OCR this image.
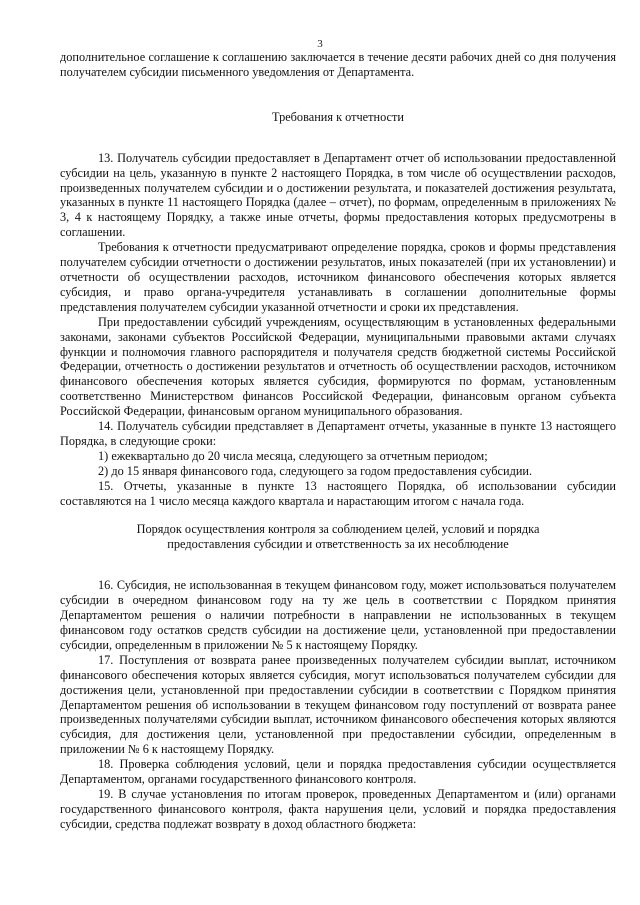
3

дополнительное соглашение к соглашению заключается в течение десяти рабочих дней со дня получения получателем субсидии письменного уведомления от Департамента.

Требования к отчетности

13. Получатель субсидии предоставляет в Департамент отчет об использовании предоставленной субсидии на цель, указанную в пункте 2 настоящего Порядка, в том числе об осуществлении расходов, произведенных получателем субсидии и о достижении результата, и показателей достижения результата, указанных в пункте 11 настоящего Порядка (далее – отчет), по формам, определенным в приложениях № 3, 4 к настоящему Порядку, а также иные отчеты, формы предоставления которых предусмотрены в соглашении.

Требования к отчетности предусматривают определение порядка, сроков и формы представления получателем субсидии отчетности о достижении результатов, иных показателей (при их установлении) и отчетности об осуществлении расходов, источником финансового обеспечения которых является субсидия, и право органа-учредителя устанавливать в соглашении дополнительные формы представления получателем субсидии указанной отчетности и сроки их представления.

При предоставлении субсидий учреждениям, осуществляющим в установленных федеральными законами, законами субъектов Российской Федерации, муниципальными правовыми актами случаях функции и полномочия главного распорядителя и получателя средств бюджетной системы Российской Федерации, отчетность о достижении результатов и отчетность об осуществлении расходов, источником финансового обеспечения которых является субсидия, формируются по формам, установленным соответственно Министерством финансов Российской Федерации, финансовым органом субъекта Российской Федерации, финансовым органом муниципального образования.

14. Получатель субсидии представляет в Департамент отчеты, указанные в пункте 13 настоящего Порядка, в следующие сроки:

1) ежеквартально до 20 числа месяца, следующего за отчетным периодом;

2) до 15 января финансового года, следующего за годом предоставления субсидии.

15. Отчеты, указанные в пункте 13 настоящего Порядка, об использовании субсидии составляются на 1 число месяца каждого квартала и нарастающим итогом с начала года.

Порядок осуществления контроля за соблюдением целей, условий и порядка

предоставления субсидии и ответственность за их несоблюдение

16. Субсидия, не использованная в текущем финансовом году, может использоваться получателем субсидии в очередном финансовом году на ту же цель в соответствии с Порядком принятия Департаментом решения о наличии потребности в направлении не использованных в текущем финансовом году остатков средств субсидии на достижение цели, установленной при предоставлении субсидии, определенным в приложении № 5 к настоящему Порядку.

17. Поступления от возврата ранее произведенных получателем субсидии выплат, источником финансового обеспечения которых является субсидия, могут использоваться получателем субсидии для достижения цели, установленной при предоставлении субсидии в соответствии с Порядком принятия Департаментом решения об использовании в текущем финансовом году поступлений от возврата ранее произведенных получателями субсидии выплат, источником финансового обеспечения которых являются субсидия, для достижения цели, установленной при предоставлении субсидии, определенным в приложении № 6 к настоящему Порядку.

18. Проверка соблюдения условий, цели и порядка предоставления субсидии осуществляется Департаментом, органами государственного финансового контроля.

19. В случае установления по итогам проверок, проведенных Департаментом и (или) органами государственного финансового контроля, факта нарушения цели, условий и порядка предоставления субсидии, средства подлежат возврату в доход областного бюджета:
